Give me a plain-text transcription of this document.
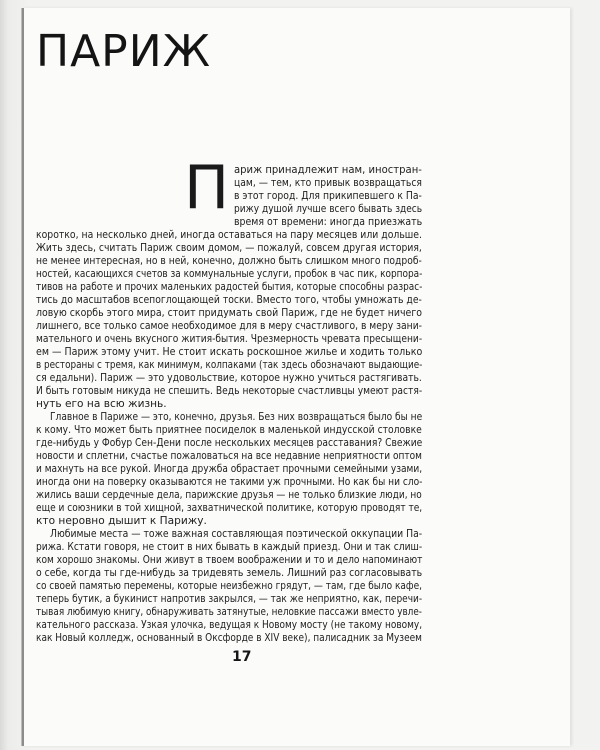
ПАРИЖ
П ариж принадлежит нам, иностран-
цам, — тем, кто привык возвращаться
в этот город. Для прикипевшего к Па-
рижу душой лучше всего бывать здесь
время от времени: иногда приезжать
коротко, на несколько дней, иногда оставаться на пару месяцев или дольше.
Жить здесь, считать Париж своим домом, — пожалуй, совсем другая история,
не менее интересная, но в ней, конечно, должно быть слишком много подроб-
ностей, касающихся счетов за коммунальные услуги, пробок в час пик, корпора-
тивов на работе и прочих маленьких радостей бытия, которые способны разрас-
тись до масштабов всепоглощающей тоски. Вместо того, чтобы умножать де-
ловую скорбь этого мира, стоит придумать свой Париж, где не будет ничего
лишнего, все только самое необходимое для в меру счастливого, в меру зани-
мательного и очень вкусного жития-бытия. Чрезмерность чревата пресыщени-
ем — Париж этому учит. Не стоит искать роскошное жилье и ходить только
в рестораны с тремя, как минимум, колпаками (так здесь обозначают выдающие-
ся едальни). Париж — это удовольствие, которое нужно учиться растягивать.
И быть готовым никуда не спешить. Ведь некоторые счастливцы умеют растя-
нуть его на всю жизнь.
Главное в Париже — это, конечно, друзья. Без них возвращаться было бы не
к кому. Что может быть приятнее посиделок в маленькой индусской столовке
где-нибудь у Фобур Сен-Дени после нескольких месяцев расставания? Свежие
новости и сплетни, счастье пожаловаться на все недавние неприятности оптом
и махнуть на все рукой. Иногда дружба обрастает прочными семейными узами,
иногда они на поверку оказываются не такими уж прочными. Но как бы ни сло-
жились ваши сердечные дела, парижские друзья — не только близкие люди, но
еще и союзники в той хищной, захватнической политике, которую проводят те,
кто неровно дышит к Парижу.
Любимые места — тоже важная составляющая поэтической оккупации Па-
рижа. Кстати говоря, не стоит в них бывать в каждый приезд. Они и так слиш-
ком хорошо знакомы. Они живут в твоем воображении и то и дело напоминают
о себе, когда ты где-нибудь за тридевять земель. Лишний раз согласовывать
со своей памятью перемены, которые неизбежно грядут, — там, где было кафе,
теперь бутик, а букинист напротив закрылся, — так же неприятно, как, перечи-
тывая любимую книгу, обнаруживать затянутые, неловкие пассажи вместо увле-
кательного рассказа. Узкая улочка, ведущая к Новому мосту (не такому новому,
как Новый колледж, основанный в Оксфорде в XIV веке), палисадник за Музеем
17
